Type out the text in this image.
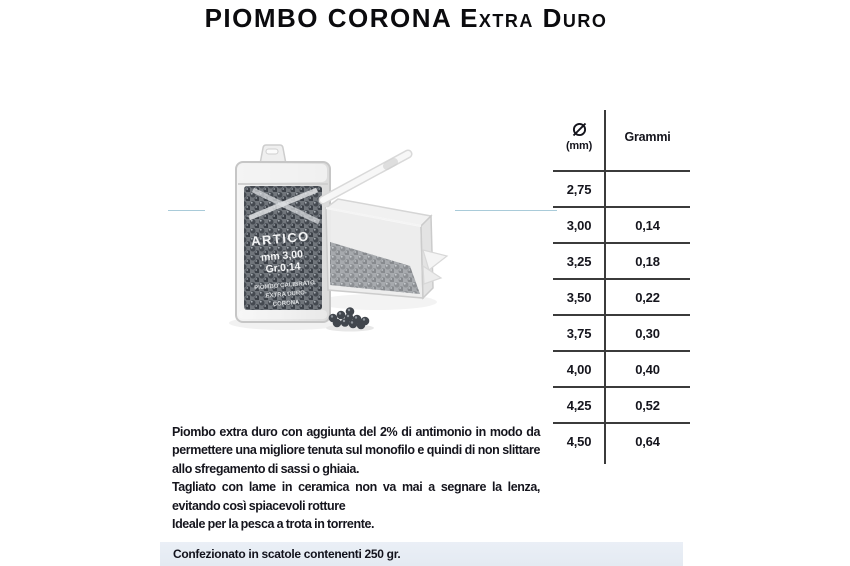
PIOMBO CORONA Extra Duro
ARTICO
mm 3,00
Gr.0,14
PIOMBO CALIBRATO
EXTRA DURO
CORONA
(mm)
Grammi
2,75
3,00	0,14
3,25	0,18
3,50	0,22
3,75	0,30
4,00	0,40
4,25	0,52
4,50	0,64

Piombo extra duro con aggiunta del 2% di antimonio in modo da permettere una migliore tenuta sul monofilo e quindi di non slittare allo sfregamento di sassi o ghiaia.

Tagliato con lame in ceramica non va mai a segnare la lenza, evitando così spiacevoli rotture

Ideale per la pesca a trota in torrente.

Confezionato in scatole contenenti 250 gr.
